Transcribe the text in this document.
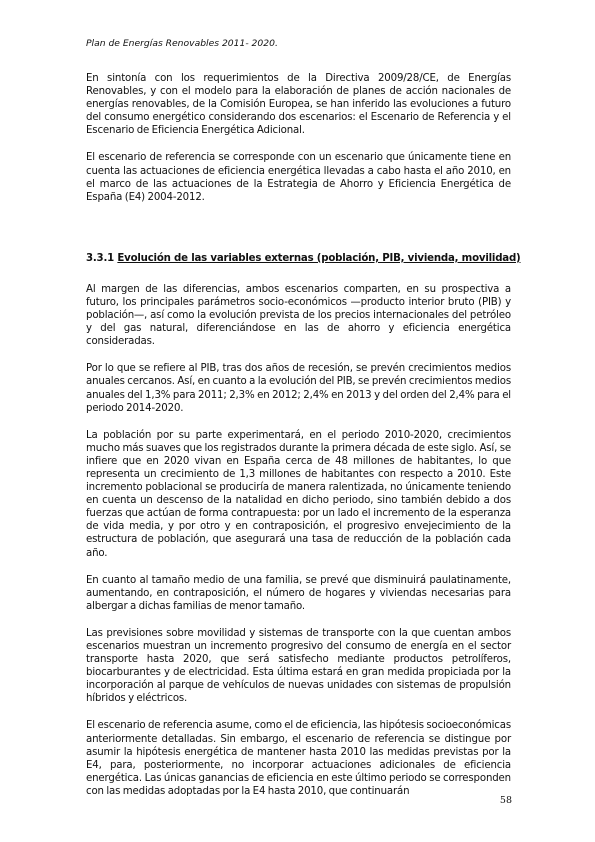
Plan de Energías Renovables 2011- 2020.

En sintonía con los requerimientos de la Directiva 2009/28/CE, de Energías Renovables, y con el modelo para la elaboración de planes de acción nacionales de energías renovables, de la Comisión Europea, se han inferido las evoluciones a futuro del consumo energético considerando dos escenarios: el Escenario de Referencia y el Escenario de Eficiencia Energética Adicional.

El escenario de referencia se corresponde con un escenario que únicamente tiene en cuenta las actuaciones de eficiencia energética llevadas a cabo hasta el año 2010, en el marco de las actuaciones de la Estrategia de Ahorro y Eficiencia Energética de España (E4) 2004-2012.

3.3.1 Evolución de las variables externas (población, PIB, vivienda, movilidad)

Al margen de las diferencias, ambos escenarios comparten, en su prospectiva a futuro, los principales parámetros socio-económicos —producto interior bruto (PIB) y población—, así como la evolución prevista de los precios internacionales del petróleo y del gas natural, diferenciándose en las de ahorro y eficiencia energética consideradas.

Por lo que se refiere al PIB, tras dos años de recesión, se prevén crecimientos medios anuales cercanos. Así, en cuanto a la evolución del PIB, se prevén crecimientos medios anuales del 1,3% para 2011; 2,3% en 2012; 2,4% en 2013 y del orden del 2,4% para el periodo 2014-2020.

La población por su parte experimentará, en el periodo 2010-2020, crecimientos mucho más suaves que los registrados durante la primera década de este siglo. Así, se infiere que en 2020 vivan en España cerca de 48 millones de habitantes, lo que representa un crecimiento de 1,3 millones de habitantes con respecto a 2010. Este incremento poblacional se produciría de manera ralentizada, no únicamente teniendo en cuenta un descenso de la natalidad en dicho periodo, sino también debido a dos fuerzas que actúan de forma contrapuesta: por un lado el incremento de la esperanza de vida media, y por otro y en contraposición, el progresivo envejecimiento de la estructura de población, que asegurará una tasa de reducción de la población cada año.

En cuanto al tamaño medio de una familia, se prevé que disminuirá paulatinamente, aumentando, en contraposición, el número de hogares y viviendas necesarias para albergar a dichas familias de menor tamaño.

Las previsiones sobre movilidad y sistemas de transporte con la que cuentan ambos escenarios muestran un incremento progresivo del consumo de energía en el sector transporte hasta 2020, que será satisfecho mediante productos petrolíferos, biocarburantes y de electricidad. Esta última estará en gran medida propiciada por la incorporación al parque de vehículos de nuevas unidades con sistemas de propulsión híbridos y eléctricos.

El escenario de referencia asume, como el de eficiencia, las hipótesis socioeconómicas anteriormente detalladas. Sin embargo, el escenario de referencia se distingue por asumir la hipótesis energética de mantener hasta 2010 las medidas previstas por la E4, para, posteriormente, no incorporar actuaciones adicionales de eficiencia energética. Las únicas ganancias de eficiencia en este último periodo se corresponden con las medidas adoptadas por la E4 hasta 2010, que continuarán

58
